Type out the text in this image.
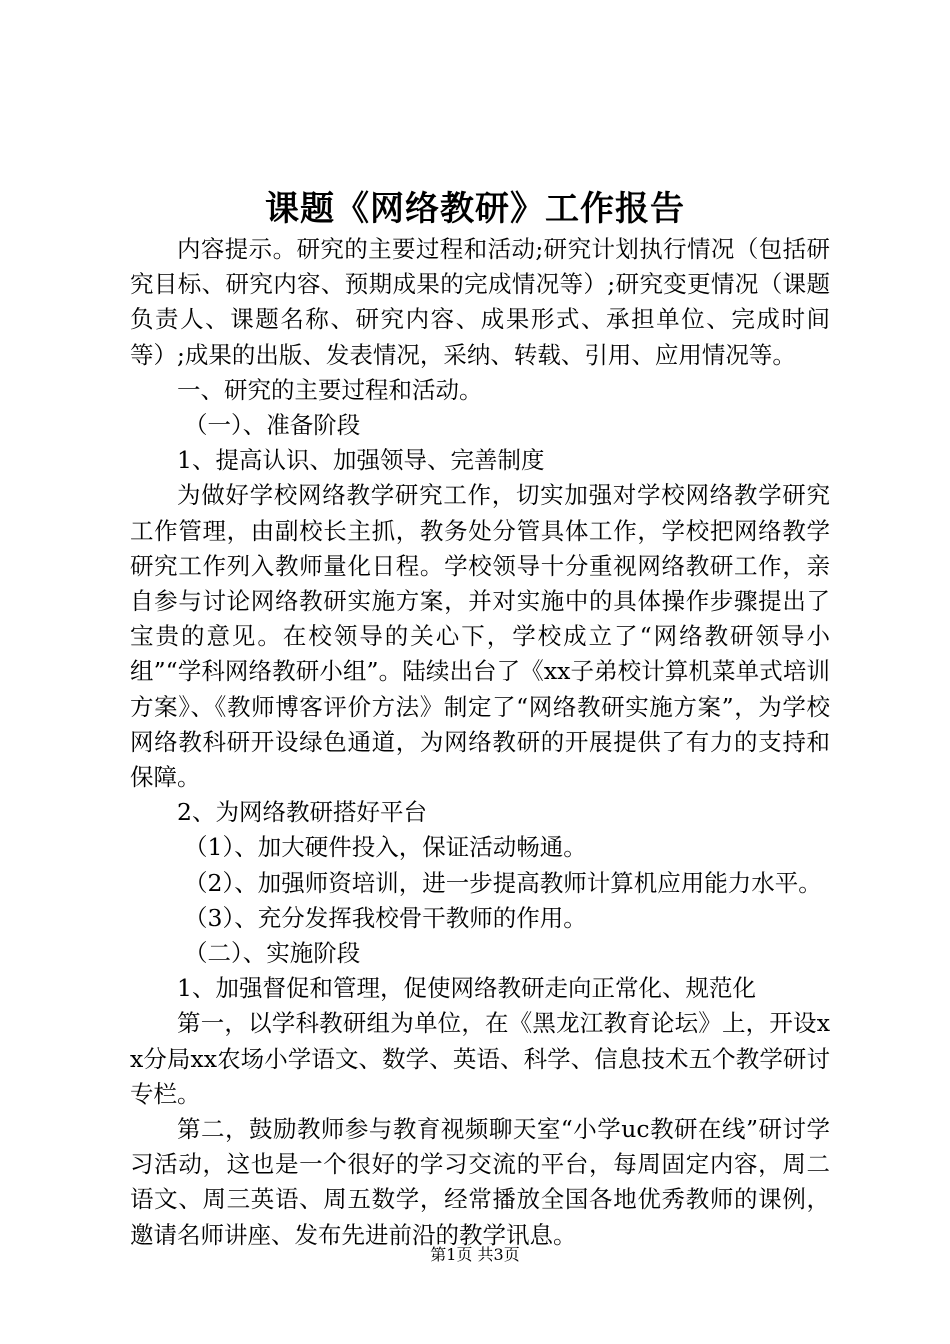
课题《网络教研》工作报告

内容提示。研究的主要过程和活动;研究计划执行情况（包括研究目标、研究内容、预期成果的完成情况等）;研究变更情况（课题负责人、课题名称、研究内容、成果形式、承担单位、完成时间等）;成果的出版、发表情况，采纳、转载、引用、应用情况等。

一、研究的主要过程和活动。

（一）、准备阶段

1、提高认识、加强领导、完善制度

为做好学校网络教学研究工作，切实加强对学校网络教学研究工作管理，由副校长主抓，教务处分管具体工作，学校把网络教学研究工作列入教师量化日程。学校领导十分重视网络教研工作，亲自参与讨论网络教研实施方案，并对实施中的具体操作步骤提出了宝贵的意见。在校领导的关心下，学校成立了“网络教研领导小组”“学科网络教研小组”。陆续出台了《xx子弟校计算机菜单式培训方案》、《教师博客评价方法》制定了“网络教研实施方案”，为学校网络教科研开设绿色通道，为网络教研的开展提供了有力的支持和保障。

2、为网络教研搭好平台

（1）、加大硬件投入，保证活动畅通。

（2）、加强师资培训，进一步提高教师计算机应用能力水平。

（3）、充分发挥我校骨干教师的作用。

（二）、实施阶段

1、加强督促和管理，促使网络教研走向正常化、规范化

第一，以学科教研组为单位，在《黑龙江教育论坛》上，开设xx分局xx农场小学语文、数学、英语、科学、信息技术五个教学研讨专栏。

第二，鼓励教师参与教育视频聊天室“小学uc教研在线”研讨学习活动，这也是一个很好的学习交流的平台，每周固定内容，周二语文、周三英语、周五数学，经常播放全国各地优秀教师的课例，邀请名师讲座、发布先进前沿的教学讯息。

第1页 共3页
